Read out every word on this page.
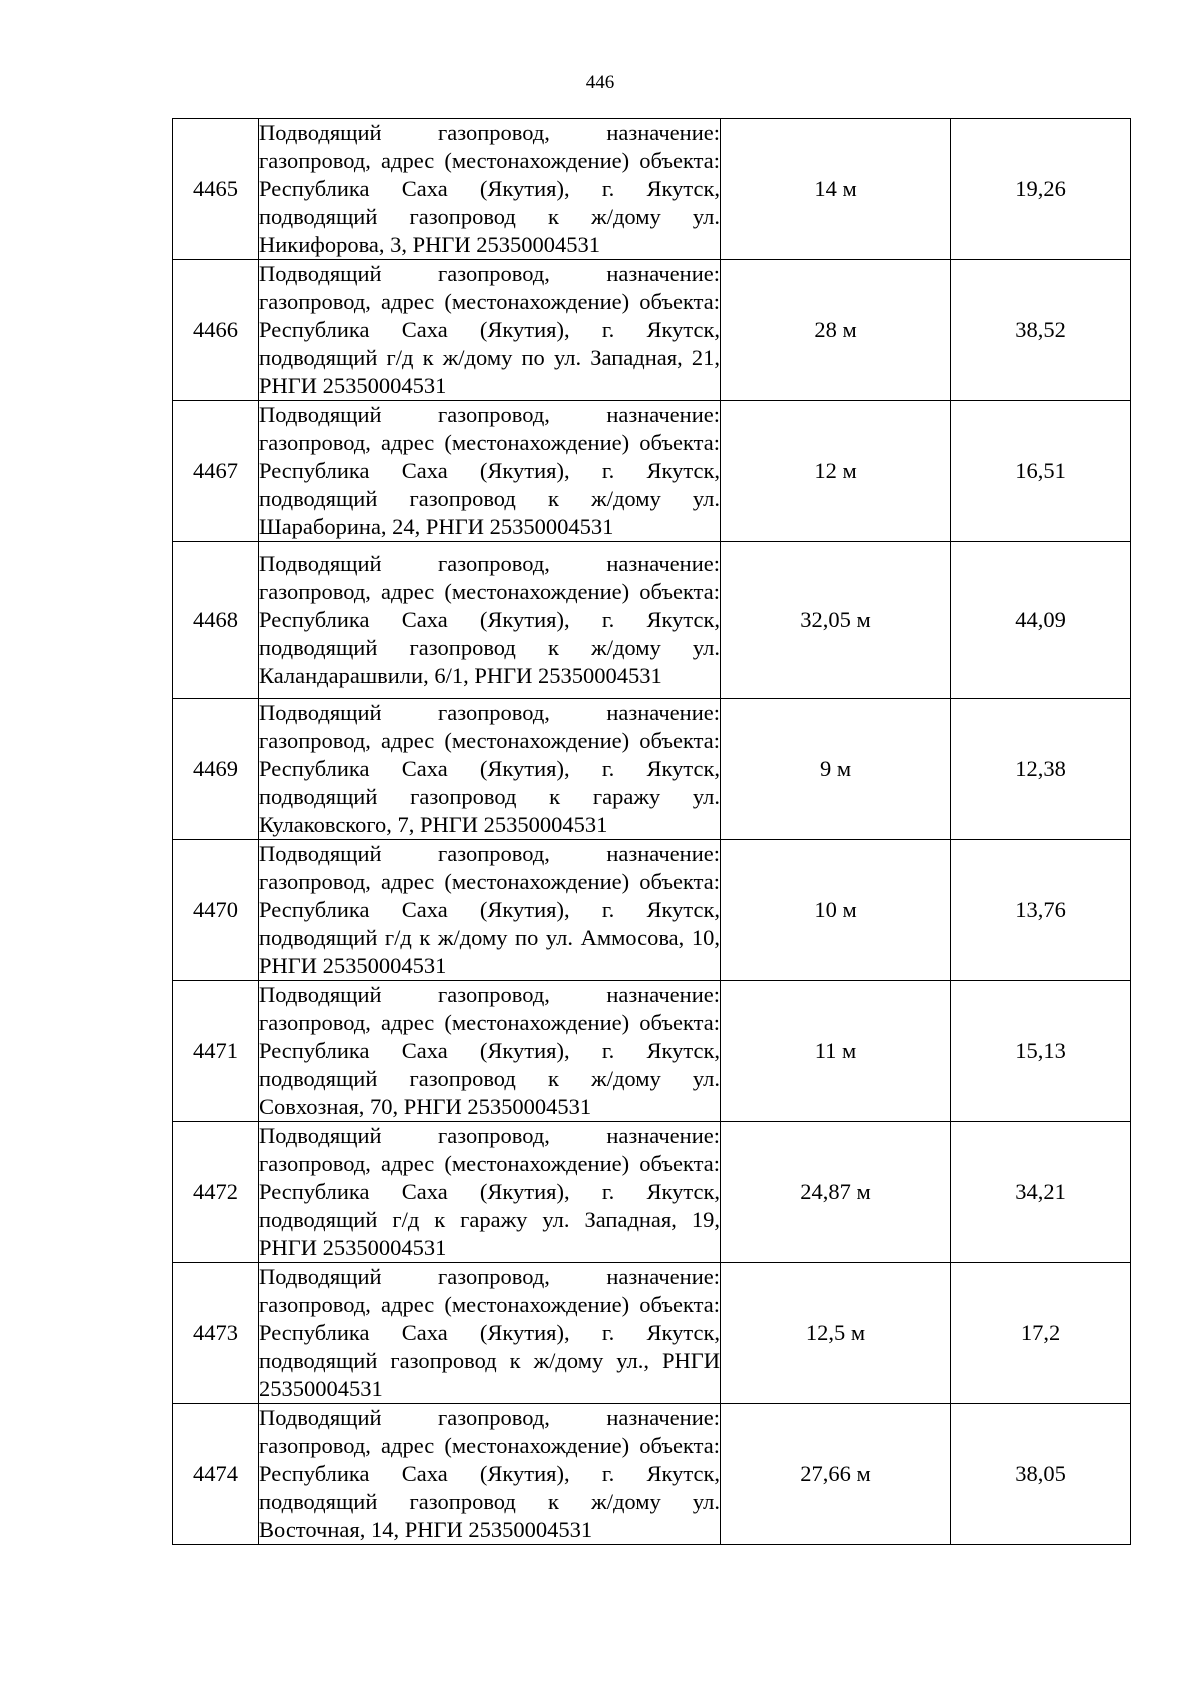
446
4465	Подводящий газопровод, назначение: газопровод, адрес (местонахождение) объекта: Республика Саха (Якутия), г. Якутск, подводящий газопровод к ж/дому ул. Никифорова, 3, РНГИ 25350004531	14 м	19,26
4466	Подводящий газопровод, назначение: газопровод, адрес (местонахождение) объекта: Республика Саха (Якутия), г. Якутск, подводящий г/д к ж/дому по ул. Западная, 21, РНГИ 25350004531	28 м	38,52
4467	Подводящий газопровод, назначение: газопровод, адрес (местонахождение) объекта: Республика Саха (Якутия), г. Якутск, подводящий газопровод к ж/дому ул. Шараборина, 24, РНГИ 25350004531	12 м	16,51
4468	Подводящий газопровод, назначение: газопровод, адрес (местонахождение) объекта: Республика Саха (Якутия), г. Якутск, подводящий газопровод к ж/дому ул. Каландарашвили, 6/1, РНГИ 25350004531	32,05 м	44,09
4469	Подводящий газопровод, назначение: газопровод, адрес (местонахождение) объекта: Республика Саха (Якутия), г. Якутск, подводящий газопровод к гаражу ул. Кулаковского, 7, РНГИ 25350004531	9 м	12,38
4470	Подводящий газопровод, назначение: газопровод, адрес (местонахождение) объекта: Республика Саха (Якутия), г. Якутск, подводящий г/д к ж/дому по ул. Аммосова, 10, РНГИ 25350004531	10 м	13,76
4471	Подводящий газопровод, назначение: газопровод, адрес (местонахождение) объекта: Республика Саха (Якутия), г. Якутск, подводящий газопровод к ж/дому ул. Совхозная, 70, РНГИ 25350004531	11 м	15,13
4472	Подводящий газопровод, назначение: газопровод, адрес (местонахождение) объекта: Республика Саха (Якутия), г. Якутск, подводящий г/д к гаражу ул. Западная, 19, РНГИ 25350004531	24,87 м	34,21
4473	Подводящий газопровод, назначение: газопровод, адрес (местонахождение) объекта: Республика Саха (Якутия), г. Якутск, подводящий газопровод к ж/дому ул., РНГИ 25350004531	12,5 м	17,2
4474	Подводящий газопровод, назначение: газопровод, адрес (местонахождение) объекта: Республика Саха (Якутия), г. Якутск, подводящий газопровод к ж/дому ул. Восточная, 14, РНГИ 25350004531	27,66 м	38,05
